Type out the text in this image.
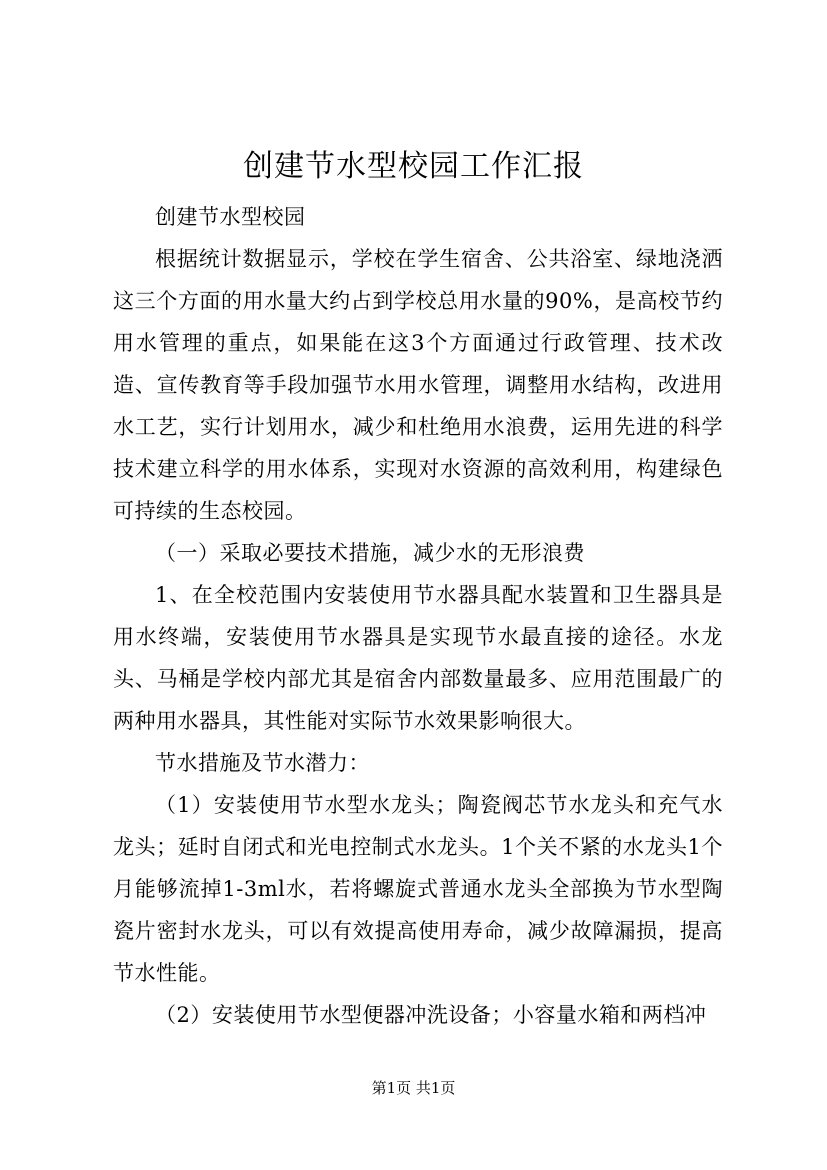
创建节水型校园工作汇报
创建节水型校园
根据统计数据显示，学校在学生宿舍、公共浴室、绿地浇洒这三个方面的用水量大约占到学校总用水量的90%，是高校节约用水管理的重点，如果能在这3个方面通过行政管理、技术改造、宣传教育等手段加强节水用水管理，调整用水结构，改进用水工艺，实行计划用水，减少和杜绝用水浪费，运用先进的科学技术建立科学的用水体系，实现对水资源的高效利用，构建绿色可持续的生态校园。
（一）采取必要技术措施，减少水的无形浪费
1、在全校范围内安装使用节水器具配水装置和卫生器具是用水终端，安装使用节水器具是实现节水最直接的途径。水龙头、马桶是学校内部尤其是宿舍内部数量最多、应用范围最广的两种用水器具，其性能对实际节水效果影响很大。
节水措施及节水潜力：
（1）安装使用节水型水龙头；陶瓷阀芯节水龙头和充气水龙头；延时自闭式和光电控制式水龙头。1个关不紧的水龙头1个月能够流掉1-3ml水，若将螺旋式普通水龙头全部换为节水型陶瓷片密封水龙头，可以有效提高使用寿命，减少故障漏损，提高节水性能。
（2）安装使用节水型便器冲洗设备；小容量水箱和两档冲
第1页 共1页
